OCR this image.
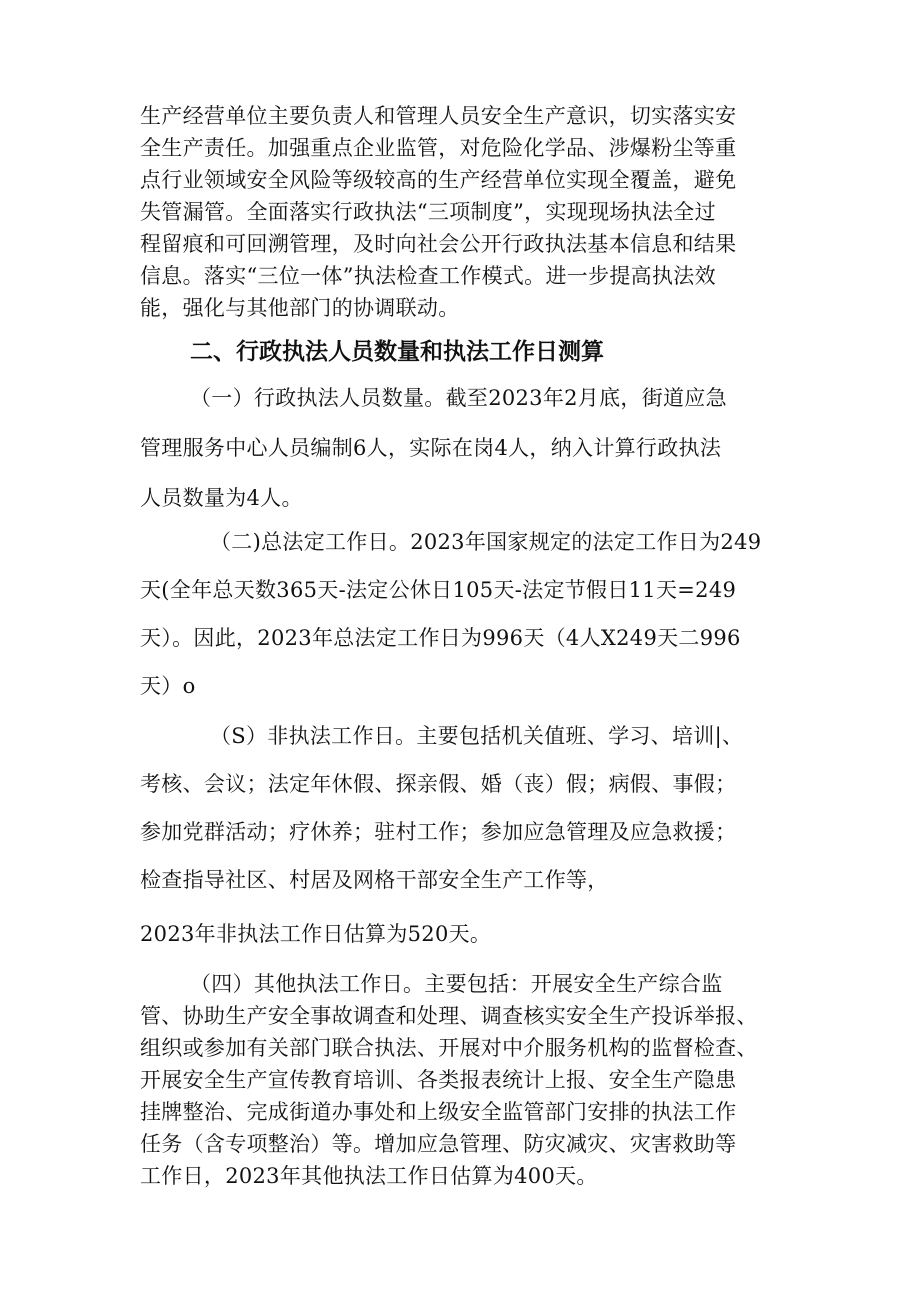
生产经营单位主要负责人和管理人员安全生产意识，切实落实安
全生产责任。加强重点企业监管，对危险化学品、涉爆粉尘等重
点行业领域安全风险等级较高的生产经营单位实现全覆盖，避免
失管漏管。全面落实行政执法“三项制度”，实现现场执法全过
程留痕和可回溯管理，及时向社会公开行政执法基本信息和结果
信息。落实“三位一体”执法检查工作模式。进一步提高执法效
能，强化与其他部门的协调联动。
二、行政执法人员数量和执法工作日测算
（一）行政执法人员数量。截至2023年2月底，街道应急
管理服务中心人员编制6人，实际在岗4人，纳入计算行政执法
人员数量为4人。
（二)总法定工作日。2023年国家规定的法定工作日为249
天(全年总天数365天-法定公休日105天-法定节假日11天=249
天）。因此，2023年总法定工作日为996天（4人X249天二996
天）o
（S）非执法工作日。主要包括机关值班、学习、培训|、
考核、会议；法定年休假、探亲假、婚（丧）假；病假、事假；
参加党群活动；疗休养；驻村工作；参加应急管理及应急救援；
检查指导社区、村居及网格干部安全生产工作等，
2023年非执法工作日估算为520天。
（四）其他执法工作日。主要包括：开展安全生产综合监
管、协助生产安全事故调查和处理、调查核实安全生产投诉举报、
组织或参加有关部门联合执法、开展对中介服务机构的监督检查、
开展安全生产宣传教育培训、各类报表统计上报、安全生产隐患
挂牌整治、完成街道办事处和上级安全监管部门安排的执法工作
任务（含专项整治）等。增加应急管理、防灾减灾、灾害救助等
工作日，2023年其他执法工作日估算为400天。
